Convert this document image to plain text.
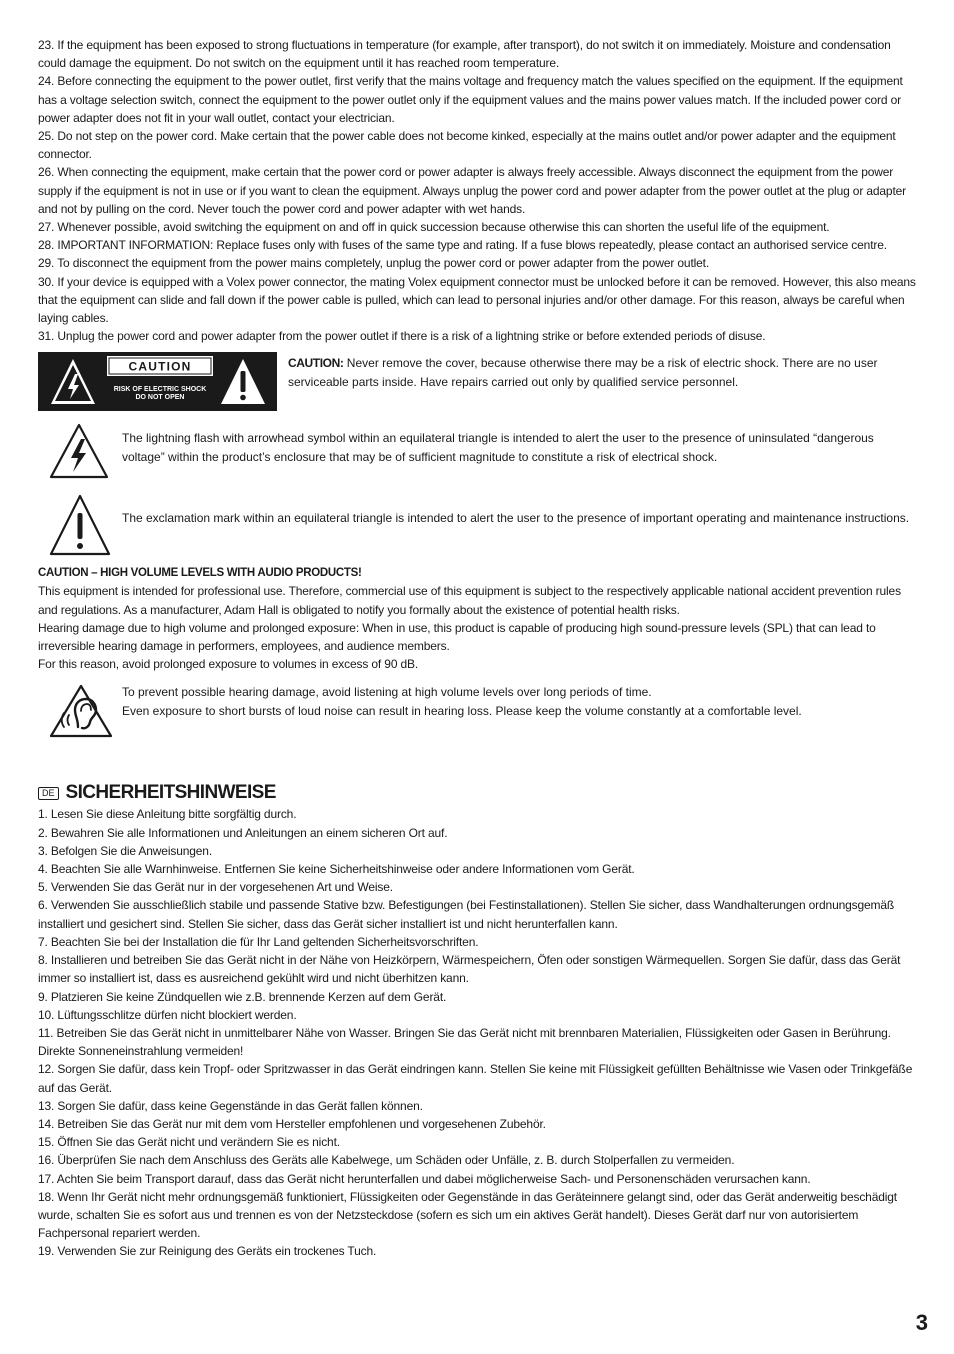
23. If the equipment has been exposed to strong fluctuations in temperature (for example, after transport), do not switch it on immediately. Moisture and condensation could damage the equipment. Do not switch on the equipment until it has reached room temperature.

24. Before connecting the equipment to the power outlet, first verify that the mains voltage and frequency match the values specified on the equipment. If the equipment has a voltage selection switch, connect the equipment to the power outlet only if the equipment values and the mains power values match. If the included power cord or power adapter does not fit in your wall outlet, contact your electrician.

25. Do not step on the power cord. Make certain that the power cable does not become kinked, especially at the mains outlet and/or power adapter and the equipment connector.

26. When connecting the equipment, make certain that the power cord or power adapter is always freely accessible. Always disconnect the equipment from the power supply if the equipment is not in use or if you want to clean the equipment. Always unplug the power cord and power adapter from the power outlet at the plug or adapter and not by pulling on the cord. Never touch the power cord and power adapter with wet hands.

27. Whenever possible, avoid switching the equipment on and off in quick succession because otherwise this can shorten the useful life of the equipment.

28. IMPORTANT INFORMATION: Replace fuses only with fuses of the same type and rating. If a fuse blows repeatedly, please contact an authorised service centre.

29. To disconnect the equipment from the power mains completely, unplug the power cord or power adapter from the power outlet.

30. If your device is equipped with a Volex power connector, the mating Volex equipment connector must be unlocked before it can be removed. However, this also means that the equipment can slide and fall down if the power cable is pulled, which can lead to personal injuries and/or other damage. For this reason, always be careful when laying cables.

31. Unplug the power cord and power adapter from the power outlet if there is a risk of a lightning strike or before extended periods of disuse.

CAUTION
RISK OF ELECTRIC SHOCK
DO NOT OPEN
CAUTION: Never remove the cover, because otherwise there may be a risk of electric shock. There are no user serviceable parts inside. Have repairs carried out only by qualified service personnel.

The lightning flash with arrowhead symbol within an equilateral triangle is intended to alert the user to the presence of uninsulated “dangerous voltage” within the product’s enclosure that may be of sufficient magnitude to constitute a risk of electrical shock.

The exclamation mark within an equilateral triangle is intended to alert the user to the presence of important operating and maintenance instructions.

CAUTION – HIGH VOLUME LEVELS WITH AUDIO PRODUCTS!

This equipment is intended for professional use. Therefore, commercial use of this equipment is subject to the respectively applicable national accident prevention rules and regulations. As a manufacturer, Adam Hall is obligated to notify you formally about the existence of potential health risks.

Hearing damage due to high volume and prolonged exposure: When in use, this product is capable of producing high sound-pressure levels (SPL) that can lead to irreversible hearing damage in performers, employees, and audience members.

For this reason, avoid prolonged exposure to volumes in excess of 90 dB.

To prevent possible hearing damage, avoid listening at high volume levels over long periods of time.
Even exposure to short bursts of loud noise can result in hearing loss. Please keep the volume constantly at a comfortable level.

DE SICHERHEITSHINWEISE

1. Lesen Sie diese Anleitung bitte sorgfältig durch.

2. Bewahren Sie alle Informationen und Anleitungen an einem sicheren Ort auf.

3. Befolgen Sie die Anweisungen.

4. Beachten Sie alle Warnhinweise. Entfernen Sie keine Sicherheitshinweise oder andere Informationen vom Gerät.

5. Verwenden Sie das Gerät nur in der vorgesehenen Art und Weise.

6. Verwenden Sie ausschließlich stabile und passende Stative bzw. Befestigungen (bei Festinstallationen). Stellen Sie sicher, dass Wandhalterungen ordnungsgemäß installiert und gesichert sind. Stellen Sie sicher, dass das Gerät sicher installiert ist und nicht herunterfallen kann.

7. Beachten Sie bei der Installation die für Ihr Land geltenden Sicherheitsvorschriften.

8. Installieren und betreiben Sie das Gerät nicht in der Nähe von Heizkörpern, Wärmespeichern, Öfen oder sonstigen Wärmequellen. Sorgen Sie dafür, dass das Gerät immer so installiert ist, dass es ausreichend gekühlt wird und nicht überhitzen kann.

9. Platzieren Sie keine Zündquellen wie z.B. brennende Kerzen auf dem Gerät.

10. Lüftungsschlitze dürfen nicht blockiert werden.

11. Betreiben Sie das Gerät nicht in unmittelbarer Nähe von Wasser. Bringen Sie das Gerät nicht mit brennbaren Materialien, Flüssigkeiten oder Gasen in Berührung. Direkte Sonneneinstrahlung vermeiden!

12. Sorgen Sie dafür, dass kein Tropf- oder Spritzwasser in das Gerät eindringen kann. Stellen Sie keine mit Flüssigkeit gefüllten Behältnisse wie Vasen oder Trinkgefäße auf das Gerät.

13. Sorgen Sie dafür, dass keine Gegenstände in das Gerät fallen können.

14. Betreiben Sie das Gerät nur mit dem vom Hersteller empfohlenen und vorgesehenen Zubehör.

15. Öffnen Sie das Gerät nicht und verändern Sie es nicht.

16. Überprüfen Sie nach dem Anschluss des Geräts alle Kabelwege, um Schäden oder Unfälle, z. B. durch Stolperfallen zu vermeiden.

17. Achten Sie beim Transport darauf, dass das Gerät nicht herunterfallen und dabei möglicherweise Sach- und Personenschäden verursachen kann.

18. Wenn Ihr Gerät nicht mehr ordnungsgemäß funktioniert, Flüssigkeiten oder Gegenstände in das Geräteinnere gelangt sind, oder das Gerät anderweitig beschädigt wurde, schalten Sie es sofort aus und trennen es von der Netzsteckdose (sofern es sich um ein aktives Gerät handelt). Dieses Gerät darf nur von autorisiertem Fachpersonal repariert werden.

19. Verwenden Sie zur Reinigung des Geräts ein trockenes Tuch.

3
